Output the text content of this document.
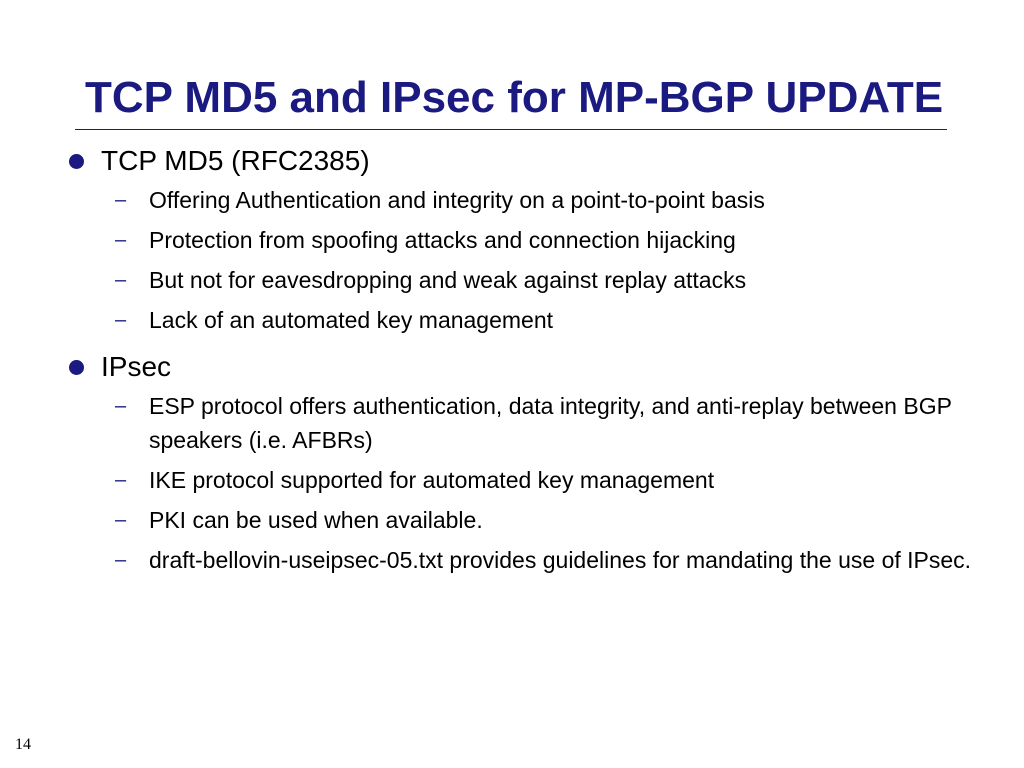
TCP MD5 and IPsec for MP-BGP UPDATE
TCP MD5 (RFC2385)
– Offering Authentication and integrity on a point-to-point basis
– Protection from spoofing attacks and connection hijacking
– But not for eavesdropping and weak against replay attacks
– Lack of an automated key management
IPsec
– ESP protocol offers authentication, data integrity, and anti-replay between BGP speakers (i.e. AFBRs)
– IKE protocol supported for automated key management
– PKI can be used when available.
– draft-bellovin-useipsec-05.txt provides guidelines for mandating the use of IPsec.
14
